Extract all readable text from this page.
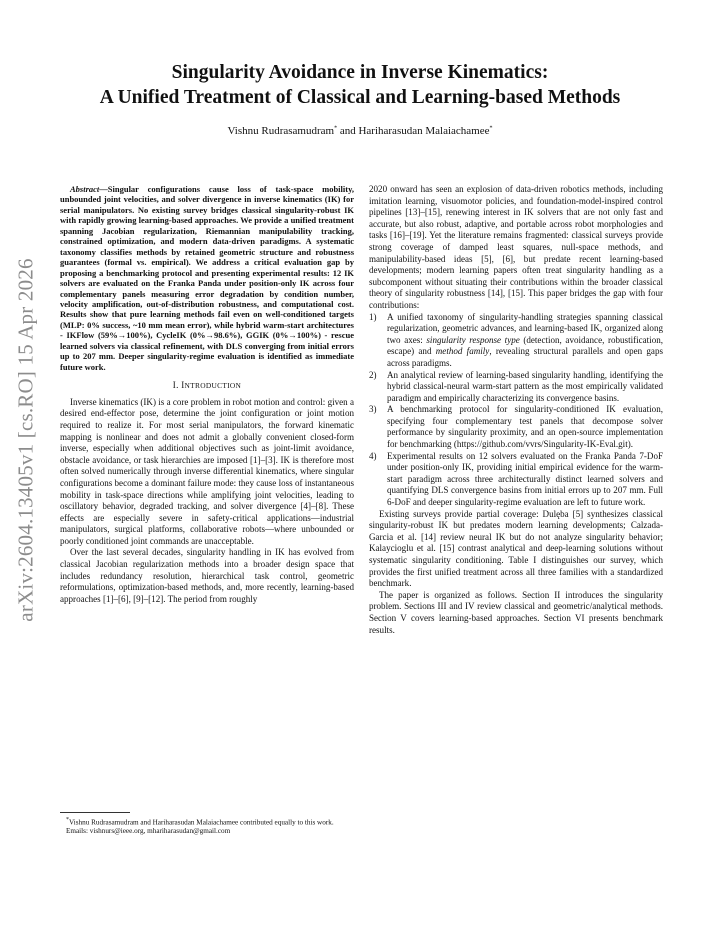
Singularity Avoidance in Inverse Kinematics:
A Unified Treatment of Classical and Learning-based Methods
Vishnu Rudrasamudram* and Hariharasudan Malaiachamee*
arXiv:2604.13405v1 [cs.RO] 15 Apr 2026

Abstract—Singular configurations cause loss of task-space mobility, unbounded joint velocities, and solver divergence in inverse kinematics (IK) for serial manipulators. No existing survey bridges classical singularity-robust IK with rapidly growing learning-based approaches. We provide a unified treatment spanning Jacobian regularization, Riemannian manipulability tracking, constrained optimization, and modern data-driven paradigms. A systematic taxonomy classifies methods by retained geometric structure and robustness guarantees (formal vs. empirical). We address a critical evaluation gap by proposing a benchmarking protocol and presenting experimental results: 12 IK solvers are evaluated on the Franka Panda under position-only IK across four complementary panels measuring error degradation by condition number, velocity amplification, out-of-distribution robustness, and computational cost. Results show that pure learning methods fail even on well-conditioned targets (MLP: 0% success, ~10 mm mean error), while hybrid warm-start architectures - IKFlow (59%→100%), CycleIK (0%→98.6%), GGIK (0%→100%) - rescue learned solvers via classical refinement, with DLS converging from initial errors up to 207 mm. Deeper singularity-regime evaluation is identified as immediate future work.

I. INTRODUCTION

Inverse kinematics (IK) is a core problem in robot motion and control: given a desired end-effector pose, determine the joint configuration or joint motion required to realize it. For most serial manipulators, the forward kinematic mapping is nonlinear and does not admit a globally convenient closed-form inverse, especially when additional objectives such as joint-limit avoidance, obstacle avoidance, or task hierarchies are imposed [1]–[3]. IK is therefore most often solved numerically through inverse differential kinematics, where singular configurations become a dominant failure mode: they cause loss of instantaneous mobility in task-space directions while amplifying joint velocities, leading to oscillatory behavior, degraded tracking, and solver divergence [4]–[8]. These effects are especially severe in safety-critical applications—industrial manipulators, surgical platforms, collaborative robots—where unbounded or poorly conditioned joint commands are unacceptable.

Over the last several decades, singularity handling in IK has evolved from classical Jacobian regularization methods into a broader design space that includes redundancy resolution, hierarchical task control, geometric reformulations, optimization-based methods, and, more recently, learning-based approaches [1]–[6], [9]–[12]. The period from roughly

*Vishnu Rudrasamudram and Hariharasudan Malaiachamee contributed equally to this work.

Emails: vishnurs@ieee.org, mhariharasudan@gmail.com

2020 onward has seen an explosion of data-driven robotics methods, including imitation learning, visuomotor policies, and foundation-model-inspired control pipelines [13]–[15], renewing interest in IK solvers that are not only fast and accurate, but also robust, adaptive, and portable across robot morphologies and tasks [16]–[19]. Yet the literature remains fragmented: classical surveys provide strong coverage of damped least squares, null-space methods, and manipulability-based ideas [5], [6], but predate recent learning-based developments; modern learning papers often treat singularity handling as a subcomponent without situating their contributions within the broader classical theory of singularity robustness [14], [15]. This paper bridges the gap with four contributions:

1) A unified taxonomy of singularity-handling strategies spanning classical regularization, geometric advances, and learning-based IK, organized along two axes: singularity response type (detection, avoidance, robustification, escape) and method family, revealing structural parallels and open gaps across paradigms.
2) An analytical review of learning-based singularity handling, identifying the hybrid classical-neural warm-start pattern as the most empirically validated paradigm and empirically characterizing its convergence basins.
3) A benchmarking protocol for singularity-conditioned IK evaluation, specifying four complementary test panels that decompose solver performance by singularity proximity, and an open-source implementation for benchmarking (https://github.com/vvrs/Singularity-IK-Eval.git).
4) Experimental results on 12 solvers evaluated on the Franka Panda 7-DoF under position-only IK, providing initial empirical evidence for the warm-start paradigm across three architecturally distinct learned solvers and quantifying DLS convergence basins from initial errors up to 207 mm. Full 6-DoF and deeper singularity-regime evaluation are left to future work.

Existing surveys provide partial coverage: Dulęba [5] synthesizes classical singularity-robust IK but predates modern learning developments; Calzada-Garcia et al. [14] review neural IK but do not analyze singularity behavior; Kalaycioglu et al. [15] contrast analytical and deep-learning solutions without systematic singularity conditioning. Table I distinguishes our survey, which provides the first unified treatment across all three families with a standardized benchmark.

The paper is organized as follows. Section II introduces the singularity problem. Sections III and IV review classical and geometric/analytical methods. Section V covers learning-based approaches. Section VI presents benchmark results.
